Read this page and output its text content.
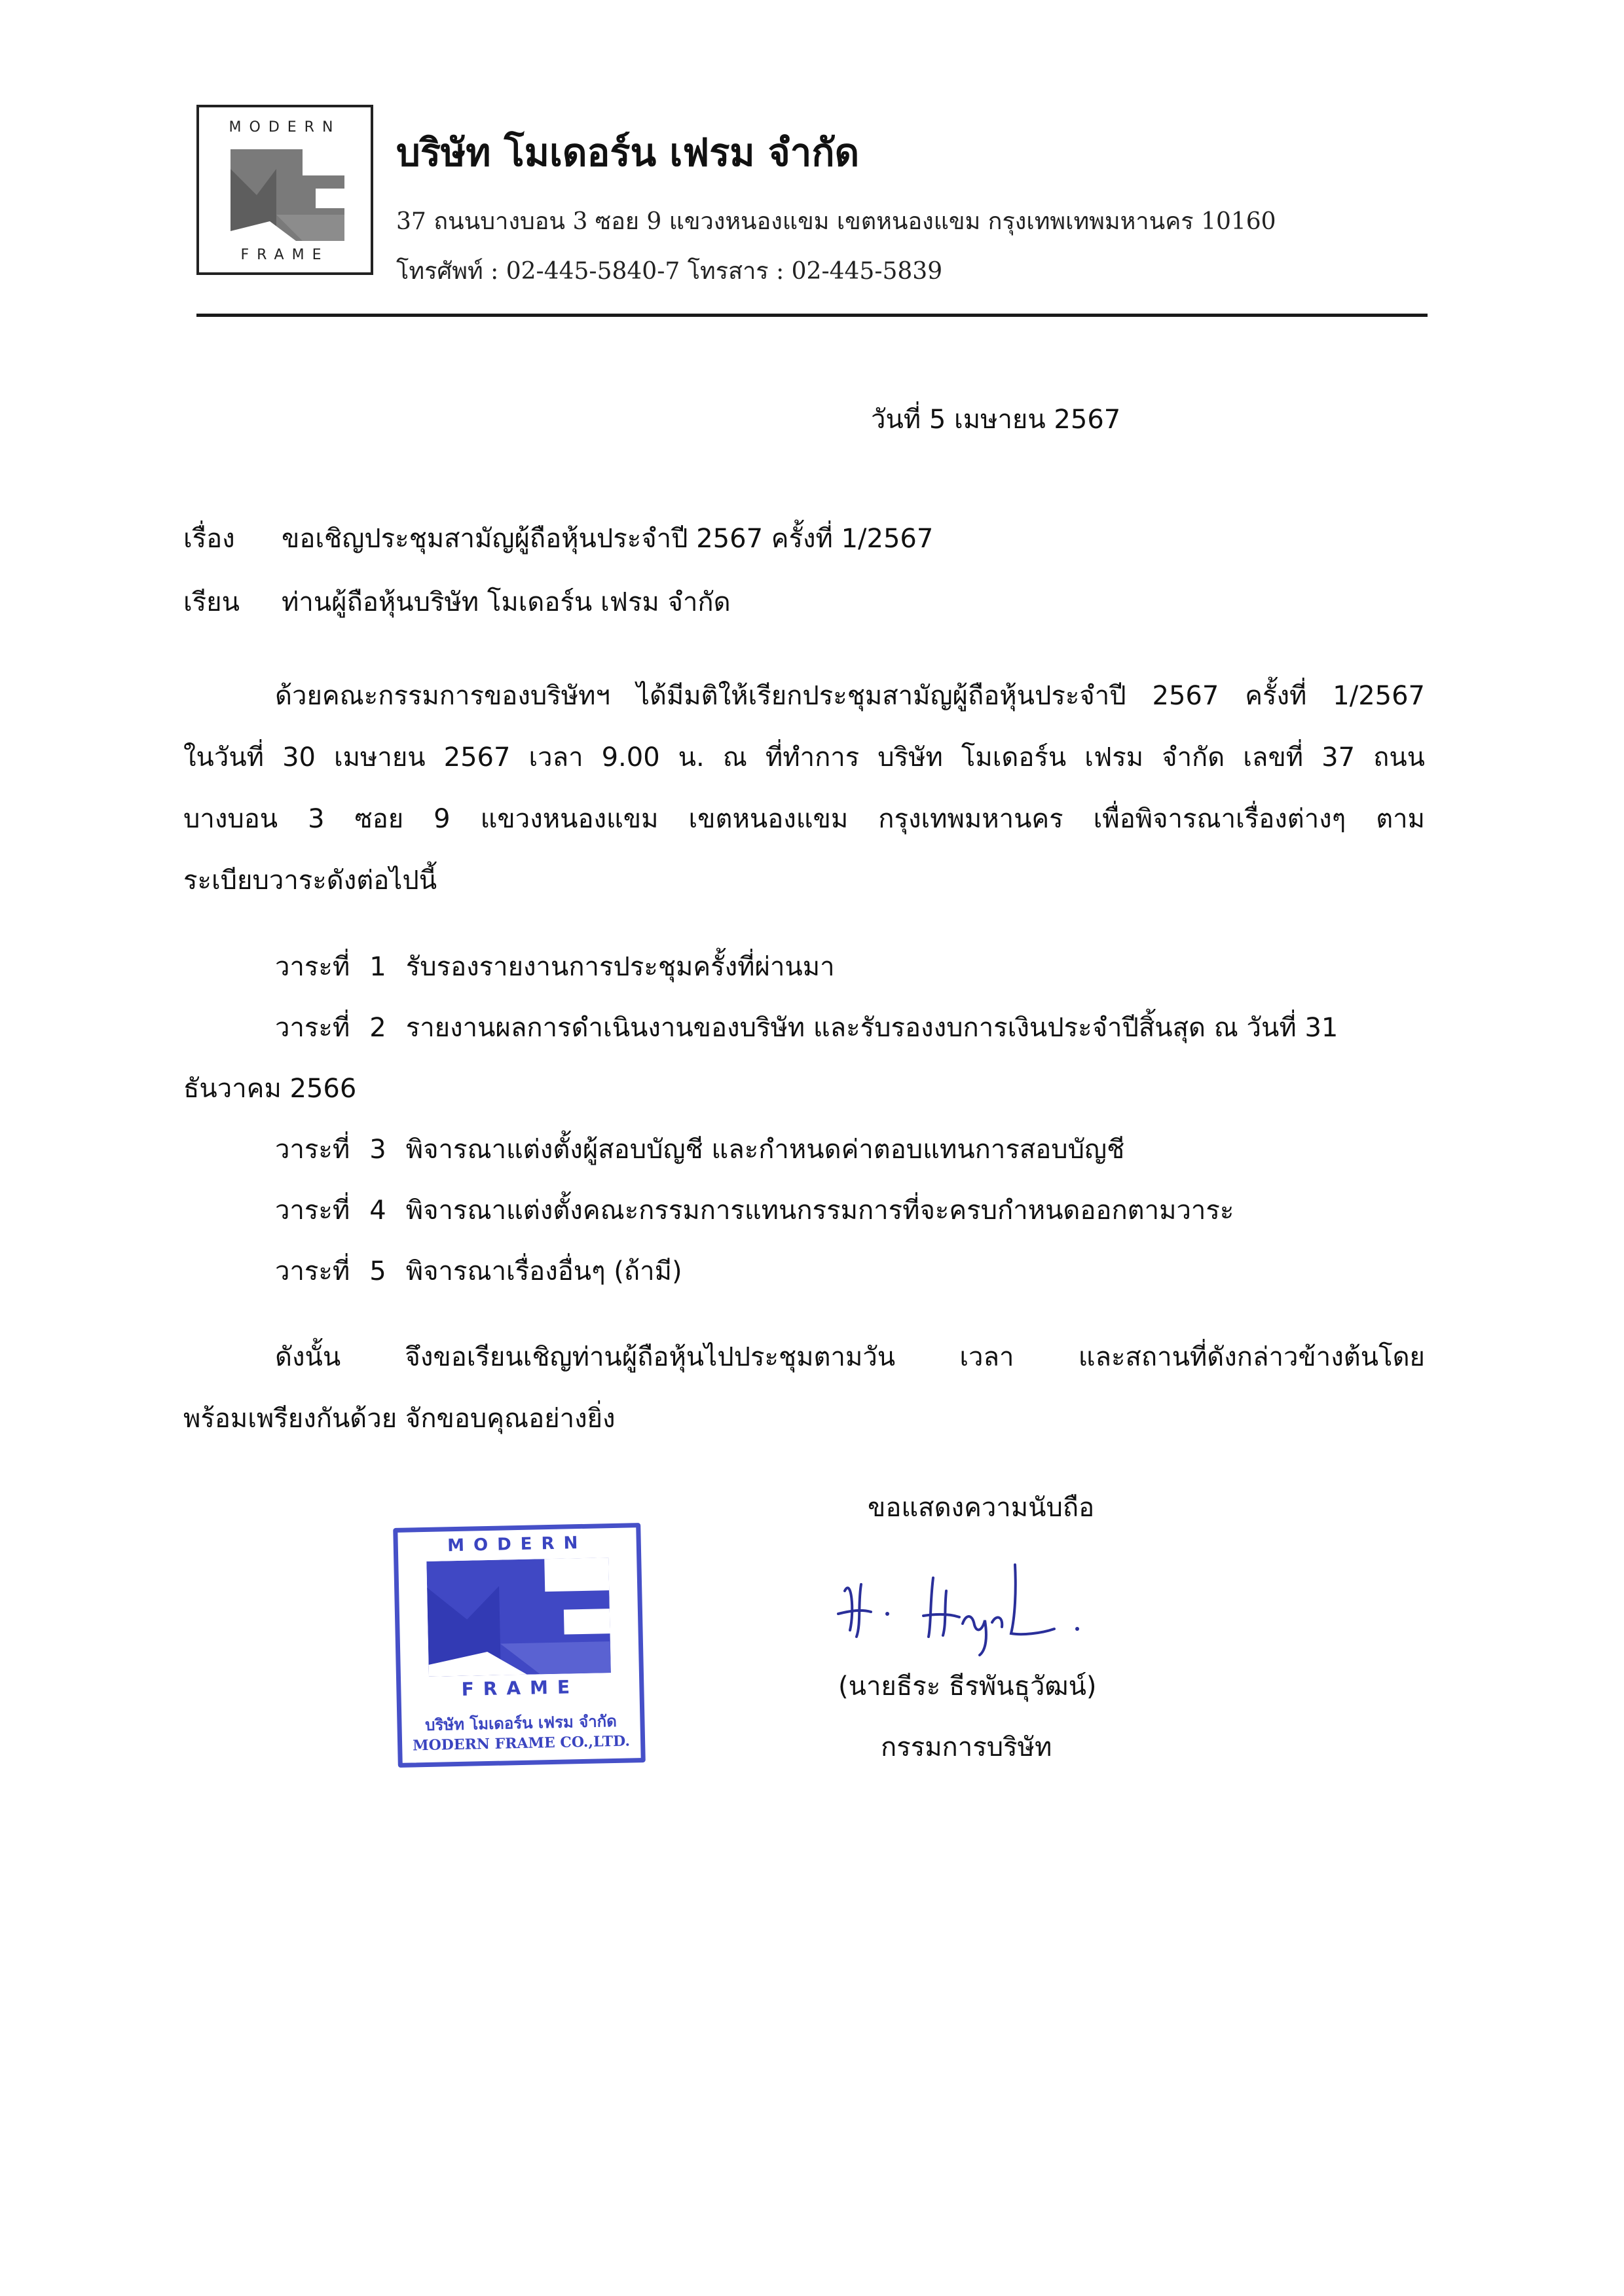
MODERN
FRAME
บริษัท โมเดอร์น เฟรม จำกัด
37 ถนนบางบอน 3 ซอย 9 แขวงหนองแขม เขตหนองแขม กรุงเทพเทพมหานคร 10160
โทรศัพท์ : 02-445-5840-7 โทรสาร : 02-445-5839
วันที่ 5 เมษายน 2567
เรื่อง ขอเชิญประชุมสามัญผู้ถือหุ้นประจำปี 2567 ครั้งที่ 1/2567
เรียน ท่านผู้ถือหุ้นบริษัท โมเดอร์น เฟรม จำกัด
ด้วยคณะกรรมการของบริษัทฯ ได้มีมติให้เรียกประชุมสามัญผู้ถือหุ้นประจำปี 2567 ครั้งที่ 1/2567
ในวันที่ 30 เมษายน 2567 เวลา 9.00 น. ณ ที่ทำการ บริษัท โมเดอร์น เฟรม จำกัด เลขที่ 37 ถนน
บางบอน 3 ซอย 9 แขวงหนองแขม เขตหนองแขม กรุงเทพมหานคร เพื่อพิจารณาเรื่องต่างๆ ตาม
ระเบียบวาระดังต่อไปนี้
วาระที่ 1 รับรองรายงานการประชุมครั้งที่ผ่านมา
วาระที่ 2 รายงานผลการดำเนินงานของบริษัท และรับรองงบการเงินประจำปีสิ้นสุด ณ วันที่ 31
ธันวาคม 2566
วาระที่ 3 พิจารณาแต่งตั้งผู้สอบบัญชี และกำหนดค่าตอบแทนการสอบบัญชี
วาระที่ 4 พิจารณาแต่งตั้งคณะกรรมการแทนกรรมการที่จะครบกำหนดออกตามวาระ
วาระที่ 5 พิจารณาเรื่องอื่นๆ (ถ้ามี)
ดังนั้น จึงขอเรียนเชิญท่านผู้ถือหุ้นไปประชุมตามวัน เวลา และสถานที่ดังกล่าวข้างต้นโดย
พร้อมเพรียงกันด้วย จักขอบคุณอย่างยิ่ง
ขอแสดงความนับถือ
(นายธีระ ธีรพันธุวัฒน์)
กรรมการบริษัท
MODERN
FRAME
บริษัท โมเดอร์น เฟรม จำกัด
MODERN FRAME CO.,LTD.
